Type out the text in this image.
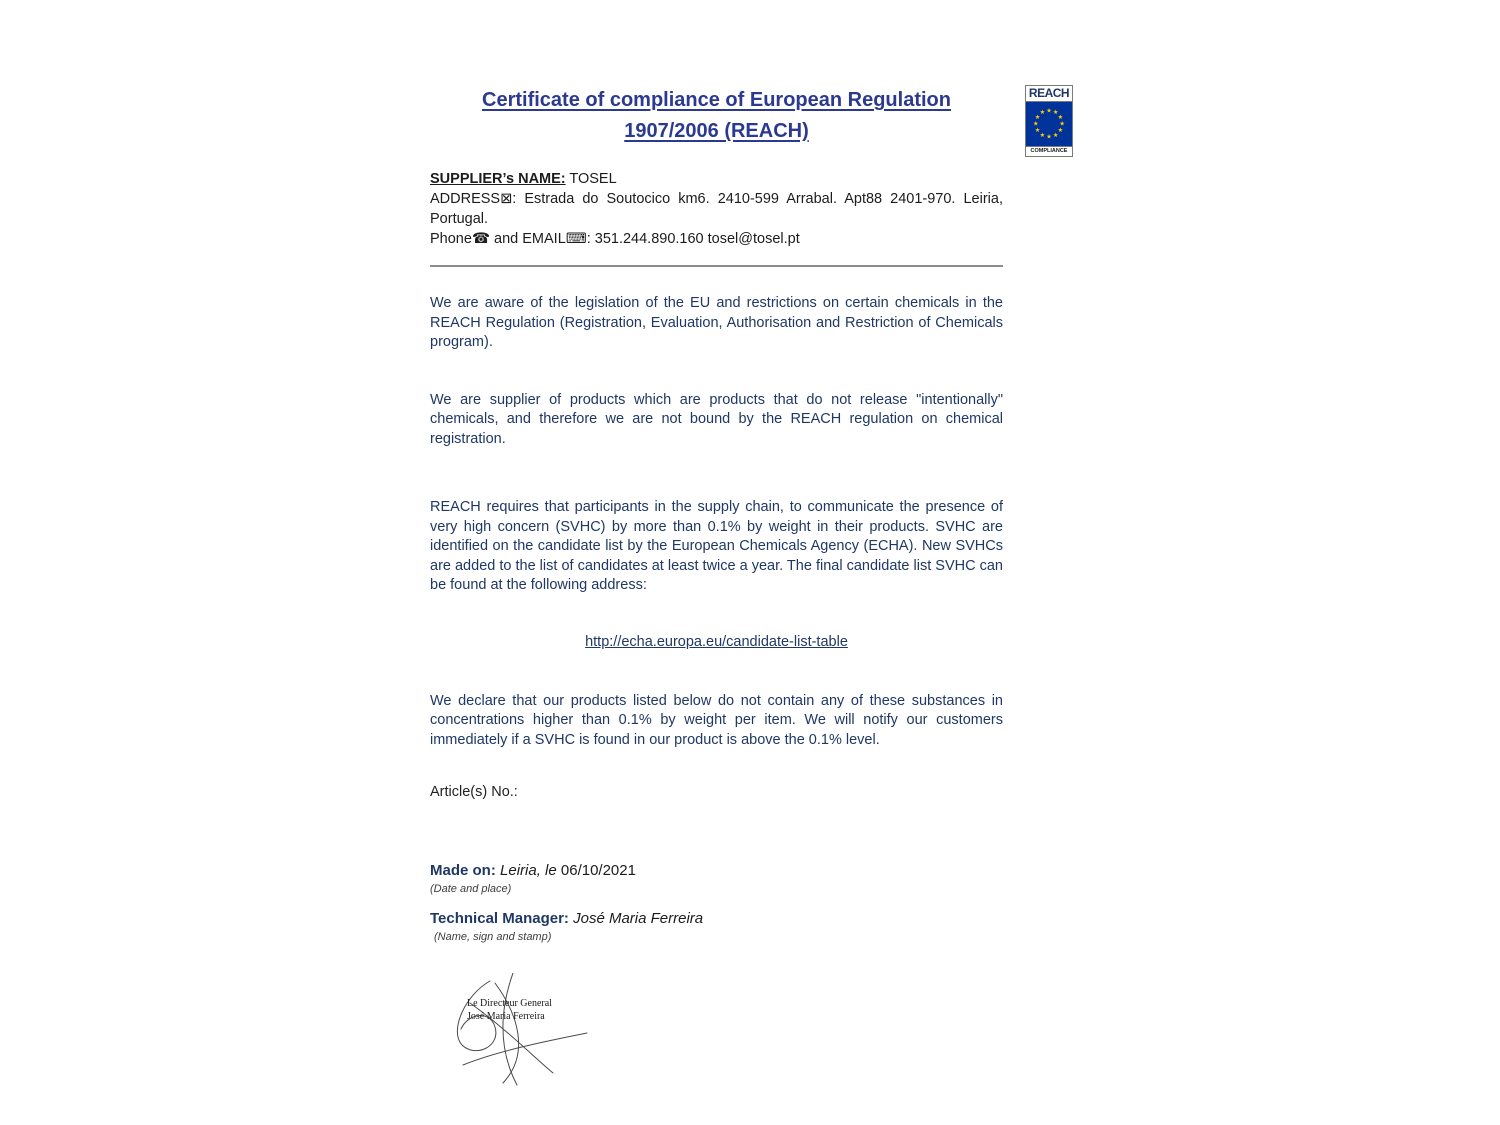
REACH
★ ★
★
★
★
★
★
★
★
★
★
★
COMPLIANCE
Certificate of compliance of European Regulation
1907/2006 (REACH)
SUPPLIER’s NAME: TOSEL
ADDRESS⊠: Estrada do Soutocico km6. 2410-599 Arrabal. Apt88 2401-970. Leiria, Portugal.
Phone☎ and EMAIL⌨: 351.244.890.160 tosel@tosel.pt

We are aware of the legislation of the EU and restrictions on certain chemicals in the REACH Regulation (Registration, Evaluation, Authorisation and Restriction of Chemicals program).

We are supplier of products which are products that do not release "intentionally" chemicals, and therefore we are not bound by the REACH regulation on chemical registration.

REACH requires that participants in the supply chain, to communicate the presence of very high concern (SVHC) by more than 0.1% by weight in their products. SVHC are identified on the candidate list by the European Chemicals Agency (ECHA). New SVHCs are added to the list of candidates at least twice a year. The final candidate list SVHC can be found at the following address:

http://echa.europa.eu/candidate-list-table

We declare that our products listed below do not contain any of these substances in concentrations higher than 0.1% by weight per item. We will notify our customers immediately if a SVHC is found in our product is above the 0.1% level.

Article(s) No.:

Made on: Leiria, le 06/10/2021
(Date and place)
Technical Manager: José Maria Ferreira
(Name, sign and stamp)
Le Directeur General
José Maria Ferreira
